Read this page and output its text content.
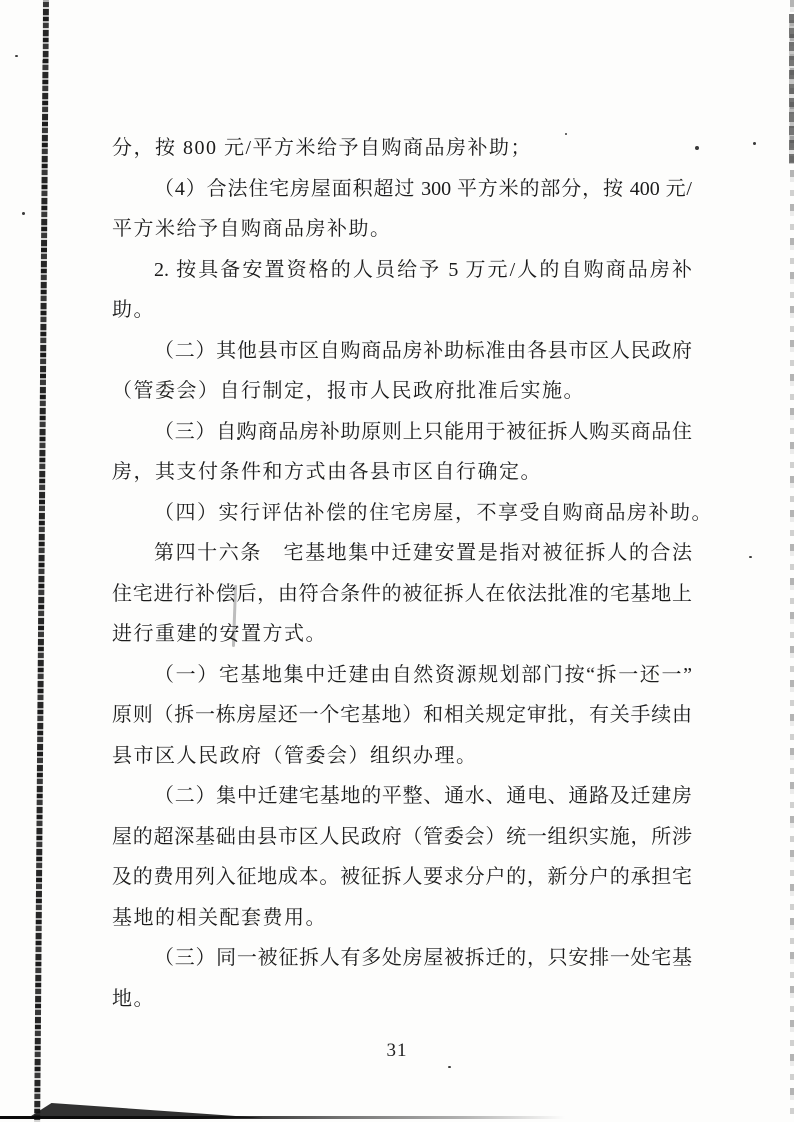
分，按 800 元/平方米给予自购商品房补助；
（4）合法住宅房屋面积超过 300 平方米的部分，按 400 元/
平方米给予自购商品房补助。
2. 按具备安置资格的人员给予 5 万元/人的自购商品房补
助。
（二）其他县市区自购商品房补助标准由各县市区人民政府
（管委会）自行制定，报市人民政府批准后实施。
（三）自购商品房补助原则上只能用于被征拆人购买商品住
房，其支付条件和方式由各县市区自行确定。
（四）实行评估补偿的住宅房屋，不享受自购商品房补助。
第四十六条　宅基地集中迁建安置是指对被征拆人的合法
住宅进行补偿后，由符合条件的被征拆人在依法批准的宅基地上
进行重建的安置方式。
（一）宅基地集中迁建由自然资源规划部门按“拆一还一”
原则（拆一栋房屋还一个宅基地）和相关规定审批，有关手续由
县市区人民政府（管委会）组织办理。
（二）集中迁建宅基地的平整、通水、通电、通路及迁建房
屋的超深基础由县市区人民政府（管委会）统一组织实施，所涉
及的费用列入征地成本。被征拆人要求分户的，新分户的承担宅
基地的相关配套费用。
（三）同一被征拆人有多处房屋被拆迁的，只安排一处宅基
地。
31
